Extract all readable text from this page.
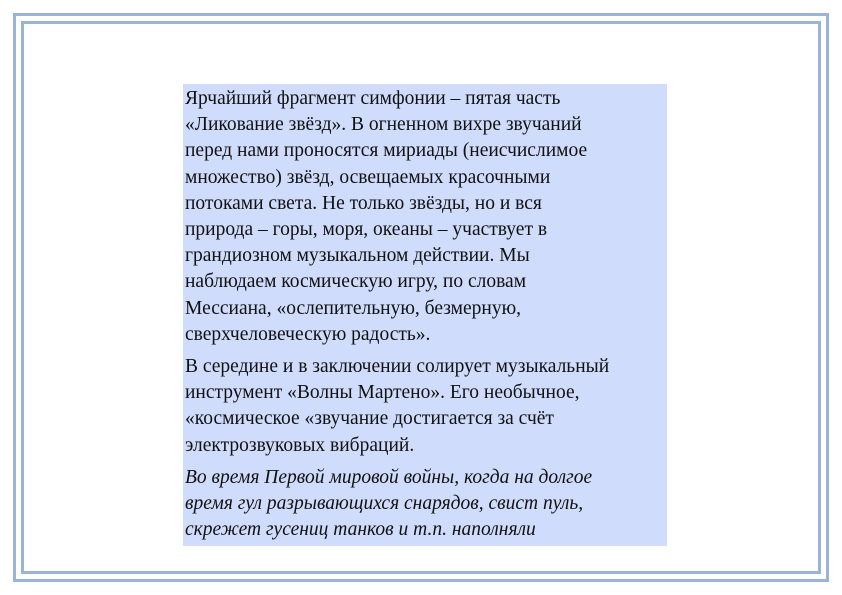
Ярчайший фрагмент симфонии – пятая часть
«Ликование звёзд». В огненном вихре звучаний
перед нами проносятся мириады (неисчислимое
множество) звёзд, освещаемых красочными
потоками света. Не только звёзды, но и вся
природа – горы, моря, океаны – участвует в
грандиозном музыкальном действии. Мы
наблюдаем космическую игру, по словам
Мессиана, «ослепительную, безмерную,
сверхчеловеческую радость».
В середине и в заключении солирует музыкальный
инструмент «Волны Мартено». Его необычное,
«космическое «звучание достигается за счёт
электрозвуковых вибраций.
Во время Первой мировой войны, когда на долгое
время гул разрывающихся снарядов, свист пуль,
скрежет гусениц танков и т.п. наполняли
